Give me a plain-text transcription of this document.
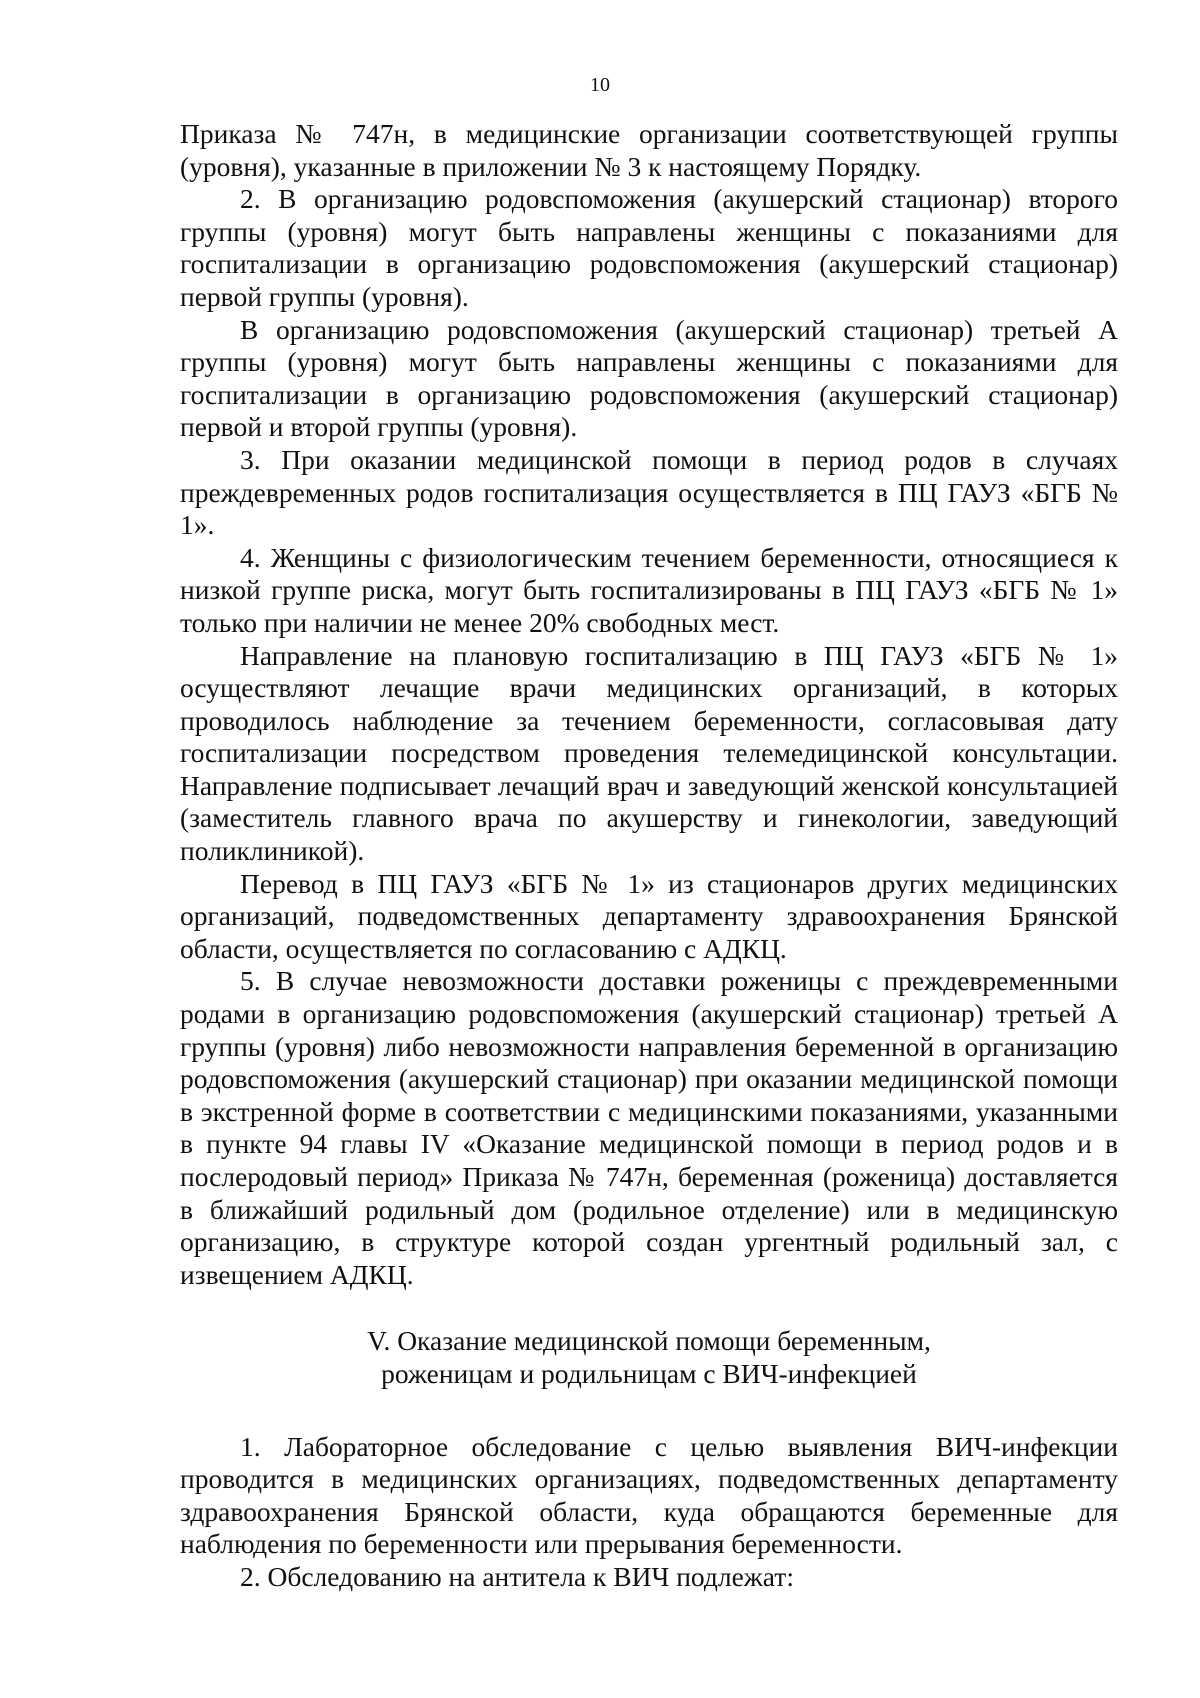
10

Приказа № 747н, в медицинские организации соответствующей группы (уровня), указанные в приложении № 3 к настоящему Порядку.

2. В организацию родовспоможения (акушерский стационар) второго группы (уровня) могут быть направлены женщины с показаниями для госпитализации в организацию родовспоможения (акушерский стационар) первой группы (уровня).

В организацию родовспоможения (акушерский стационар) третьей А группы (уровня) могут быть направлены женщины с показаниями для госпитализации в организацию родовспоможения (акушерский стационар) первой и второй группы (уровня).

3. При оказании медицинской помощи в период родов в случаях преждевременных родов госпитализация осуществляется в ПЦ ГАУЗ «БГБ № 1».

4. Женщины с физиологическим течением беременности, относящиеся к низкой группе риска, могут быть госпитализированы в ПЦ ГАУЗ «БГБ № 1» только при наличии не менее 20% свободных мест.

Направление на плановую госпитализацию в ПЦ ГАУЗ «БГБ № 1» осуществляют лечащие врачи медицинских организаций, в которых проводилось наблюдение за течением беременности, согласовывая дату госпитализации посредством проведения телемедицинской консультации. Направление подписывает лечащий врач и заведующий женской консультацией (заместитель главного врача по акушерству и гинекологии, заведующий поликлиникой).

Перевод в ПЦ ГАУЗ «БГБ № 1» из стационаров других медицинских организаций, подведомственных департаменту здравоохранения Брянской области, осуществляется по согласованию с АДКЦ.

5. В случае невозможности доставки роженицы с преждевременными родами в организацию родовспоможения (акушерский стационар) третьей А группы (уровня) либо невозможности направления беременной в организацию родовспоможения (акушерский стационар) при оказании медицинской помощи в экстренной форме в соответствии с медицинскими показаниями, указанными в пункте 94 главы IV «Оказание медицинской помощи в период родов и в послеродовый период» Приказа № 747н, беременная (роженица) доставляется в ближайший родильный дом (родильное отделение) или в медицинскую организацию, в структуре которой создан ургентный родильный зал, с извещением АДКЦ.

V. Оказание медицинской помощи беременным,
роженицам и родильницам с ВИЧ-инфекцией

1. Лабораторное обследование с целью выявления ВИЧ-инфекции проводится в медицинских организациях, подведомственных департаменту здравоохранения Брянской области, куда обращаются беременные для наблюдения по беременности или прерывания беременности.

2. Обследованию на антитела к ВИЧ подлежат:
